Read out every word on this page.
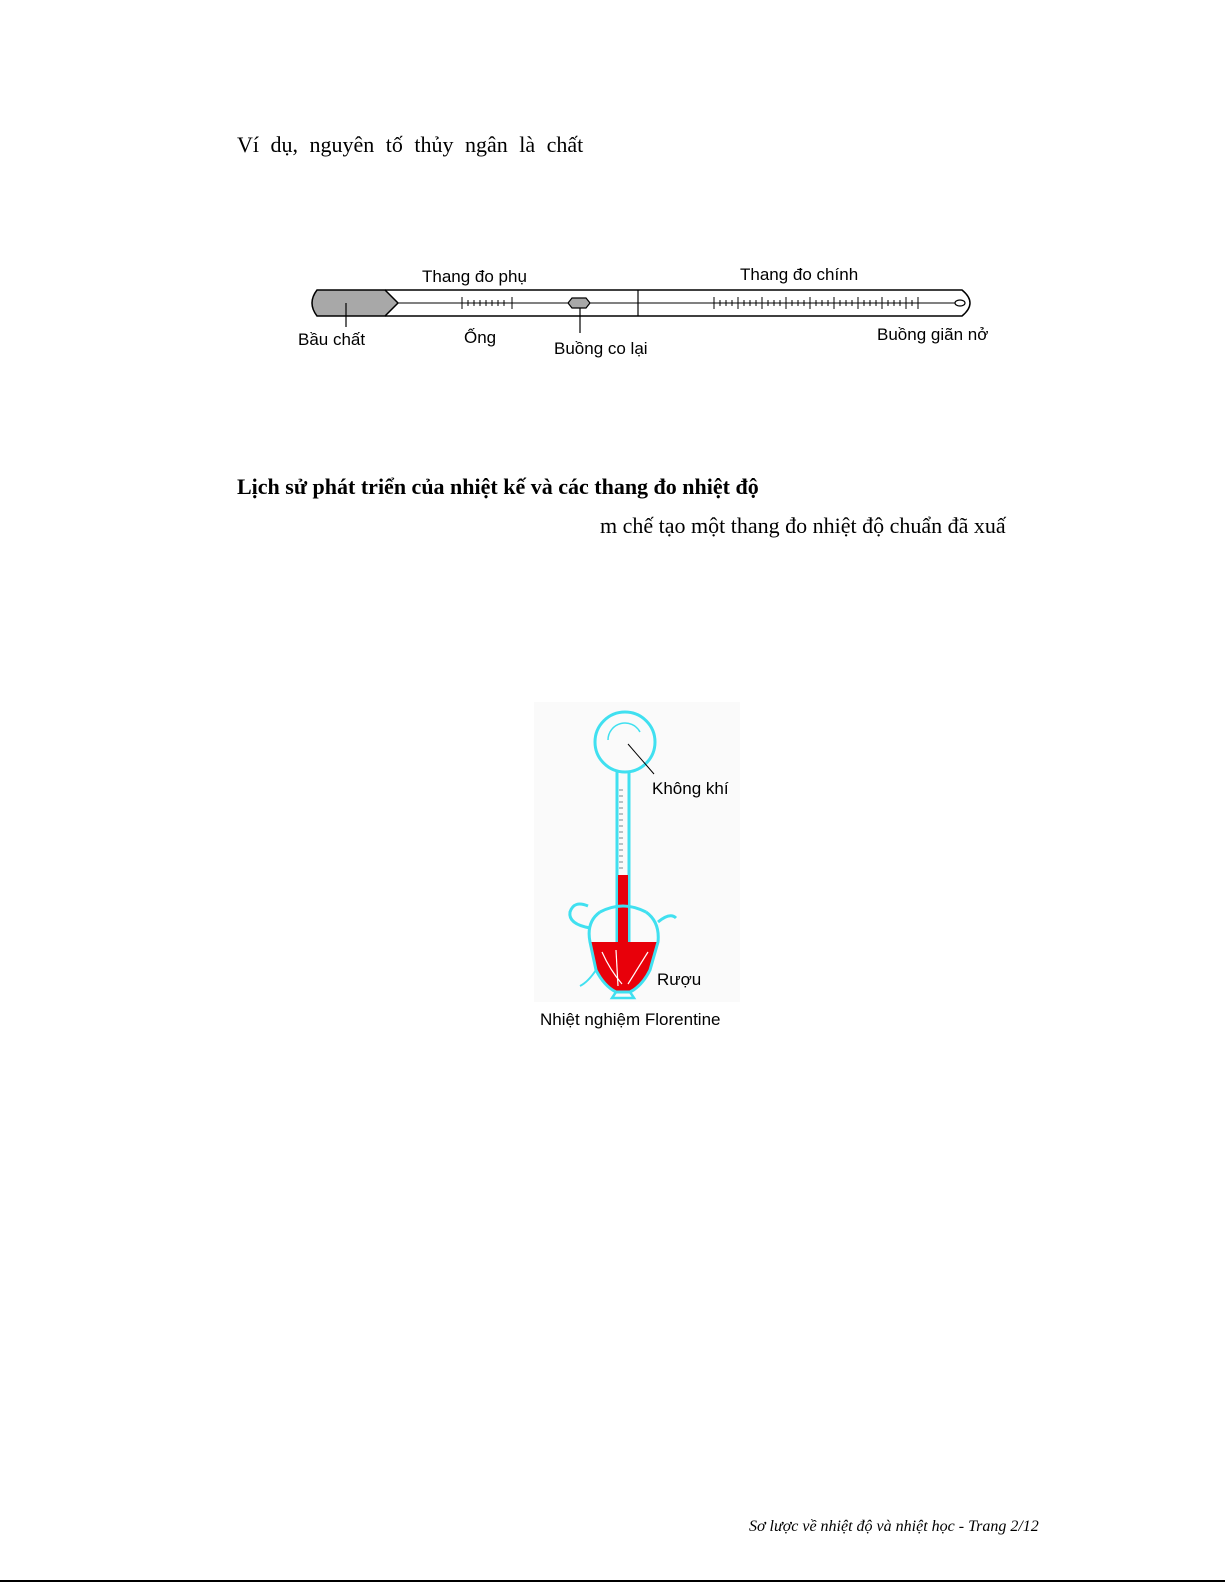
Ví dụ, nguyên tố thủy ngân là chất
Thang đo phụ	Thang đo chính
Bầu chất	Ống
Buồng co lại
Buồng giãn nở
Lịch sử phát triển của nhiệt kế và các thang đo nhiệt độ
m chế tạo một thang đo nhiệt độ chuẩn đã xuấ
Không khí
Rượu
Nhiệt nghiệm Florentine
Sơ lược về nhiệt độ và nhiệt học - Trang 2/12
